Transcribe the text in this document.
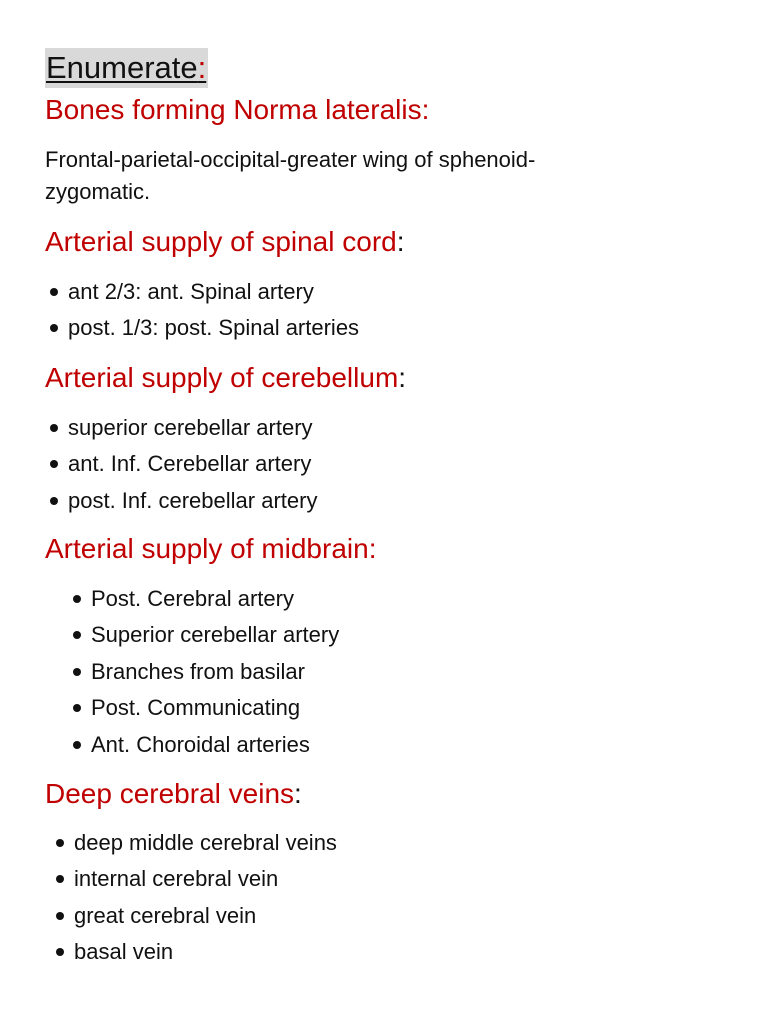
Enumerate:
Bones forming Norma lateralis:
Frontal-parietal-occipital-greater wing of sphenoid-
zygomatic.
Arterial supply of spinal cord:
ant 2/3: ant. Spinal artery
post. 1/3: post. Spinal arteries
Arterial supply of cerebellum:
superior cerebellar artery
ant. Inf. Cerebellar artery
post. Inf. cerebellar artery
Arterial supply of midbrain:
Post. Cerebral artery
Superior cerebellar artery
Branches from basilar
Post. Communicating
Ant. Choroidal arteries
Deep cerebral veins:
deep middle cerebral veins
internal cerebral vein
great cerebral vein
basal vein
